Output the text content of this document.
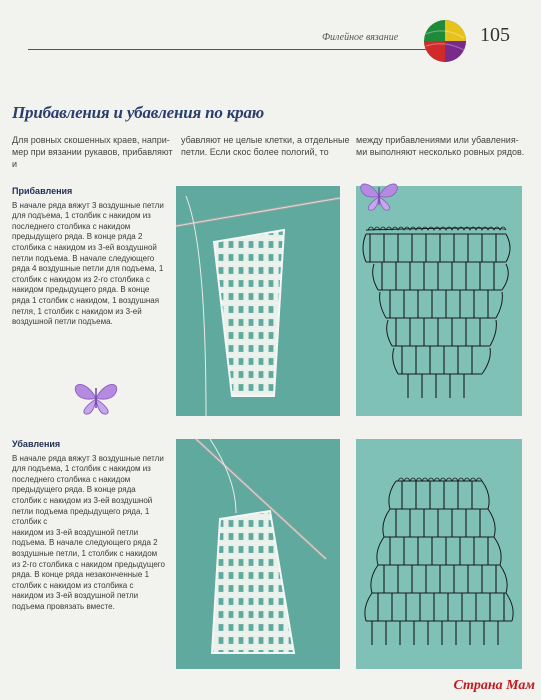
Филейное вязание	105
Прибавления и убавления по краю
Для ровных скошенных краев, напри-
мер при вязании рукавов, прибавляют и
убавляют не целые клетки, а отдельные
петли. Если скос более пологий, то
между прибавлениями или убавления-
ми выполняют несколько ровных рядов.
Прибавления
В начале ряда вяжут 3 воздушные петли
для подъема, 1 столбик с накидом из
последнего столбика с накидом
предыдущего ряда. В конце ряда 2
столбика с накидом из 3-ей воздушной
петли подъема. В начале следующего
ряда 4 воздушные петли для подъема, 1
столбик с накидом из 2-го столбика с
накидом предыдущего ряда. В конце
ряда 1 столбик с накидом, 1 воздушная
петля, 1 столбик с накидом из 3-ей
воздушной петли подъема.
Убавления
В начале ряда вяжут 3 воздушные петли
для подъема, 1 столбик с накидом из
последнего столбика с накидом
предыдущего ряда. В конце ряда
столбик с накидом из 3-ей воздушной
петли подъема предыдущего ряда, 1 столбик с
накидом из 3-ей воздушной петли
подъема. В начале следующего ряда 2
воздушные петли, 1 столбик с накидом
из 2-го столбика с накидом предыдущего
ряда. В конце ряда незаконченные 1
столбик с накидом из столбика с
накидом из 3-ей воздушной петли
подъема провязать вместе.
Страна Мам
